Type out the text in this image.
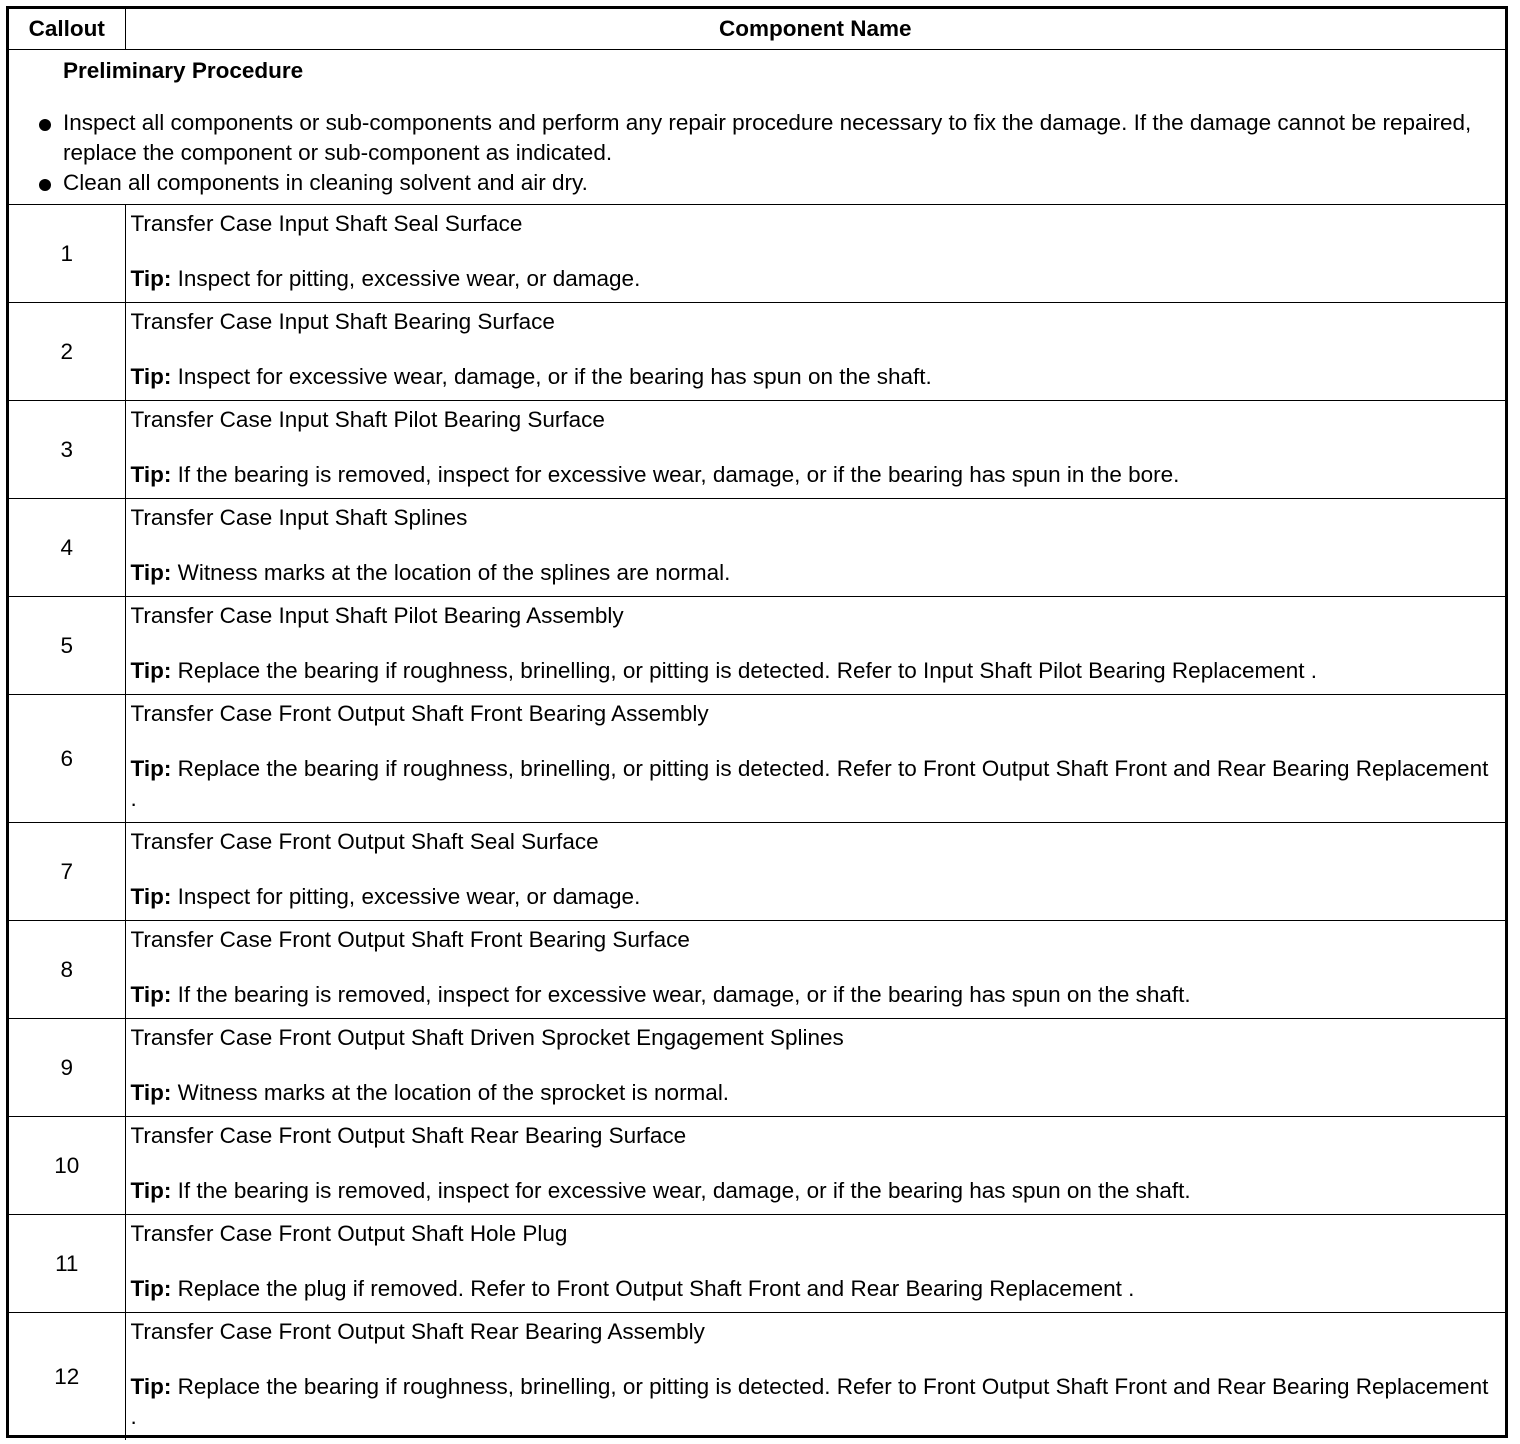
Callout	Component Name

Preliminary Procedure
Inspect all components or sub-components and perform any repair procedure necessary to fix the damage. If the damage cannot be repaired, replace the component or sub-component as indicated.
Clean all components in cleaning solvent and air dry.	

1	Transfer Case Input Shaft Seal Surface
Tip: Inspect for pitting, excessive wear, or damage.

2	Transfer Case Input Shaft Bearing Surface
Tip: Inspect for excessive wear, damage, or if the bearing has spun on the shaft.

3	Transfer Case Input Shaft Pilot Bearing Surface
Tip: If the bearing is removed, inspect for excessive wear, damage, or if the bearing has spun in the bore.

4	Transfer Case Input Shaft Splines
Tip: Witness marks at the location of the splines are normal.

5	Transfer Case Input Shaft Pilot Bearing Assembly
Tip: Replace the bearing if roughness, brinelling, or pitting is detected. Refer to Input Shaft Pilot Bearing Replacement .

6	Transfer Case Front Output Shaft Front Bearing Assembly
Tip: Replace the bearing if roughness, brinelling, or pitting is detected. Refer to Front Output Shaft Front and Rear Bearing Replacement .

7	Transfer Case Front Output Shaft Seal Surface
Tip: Inspect for pitting, excessive wear, or damage.

8	Transfer Case Front Output Shaft Front Bearing Surface
Tip: If the bearing is removed, inspect for excessive wear, damage, or if the bearing has spun on the shaft.

9	Transfer Case Front Output Shaft Driven Sprocket Engagement Splines
Tip: Witness marks at the location of the sprocket is normal.

10	Transfer Case Front Output Shaft Rear Bearing Surface
Tip: If the bearing is removed, inspect for excessive wear, damage, or if the bearing has spun on the shaft.

11	Transfer Case Front Output Shaft Hole Plug
Tip: Replace the plug if removed. Refer to Front Output Shaft Front and Rear Bearing Replacement .

12	Transfer Case Front Output Shaft Rear Bearing Assembly
Tip: Replace the bearing if roughness, brinelling, or pitting is detected. Refer to Front Output Shaft Front and Rear Bearing Replacement .
